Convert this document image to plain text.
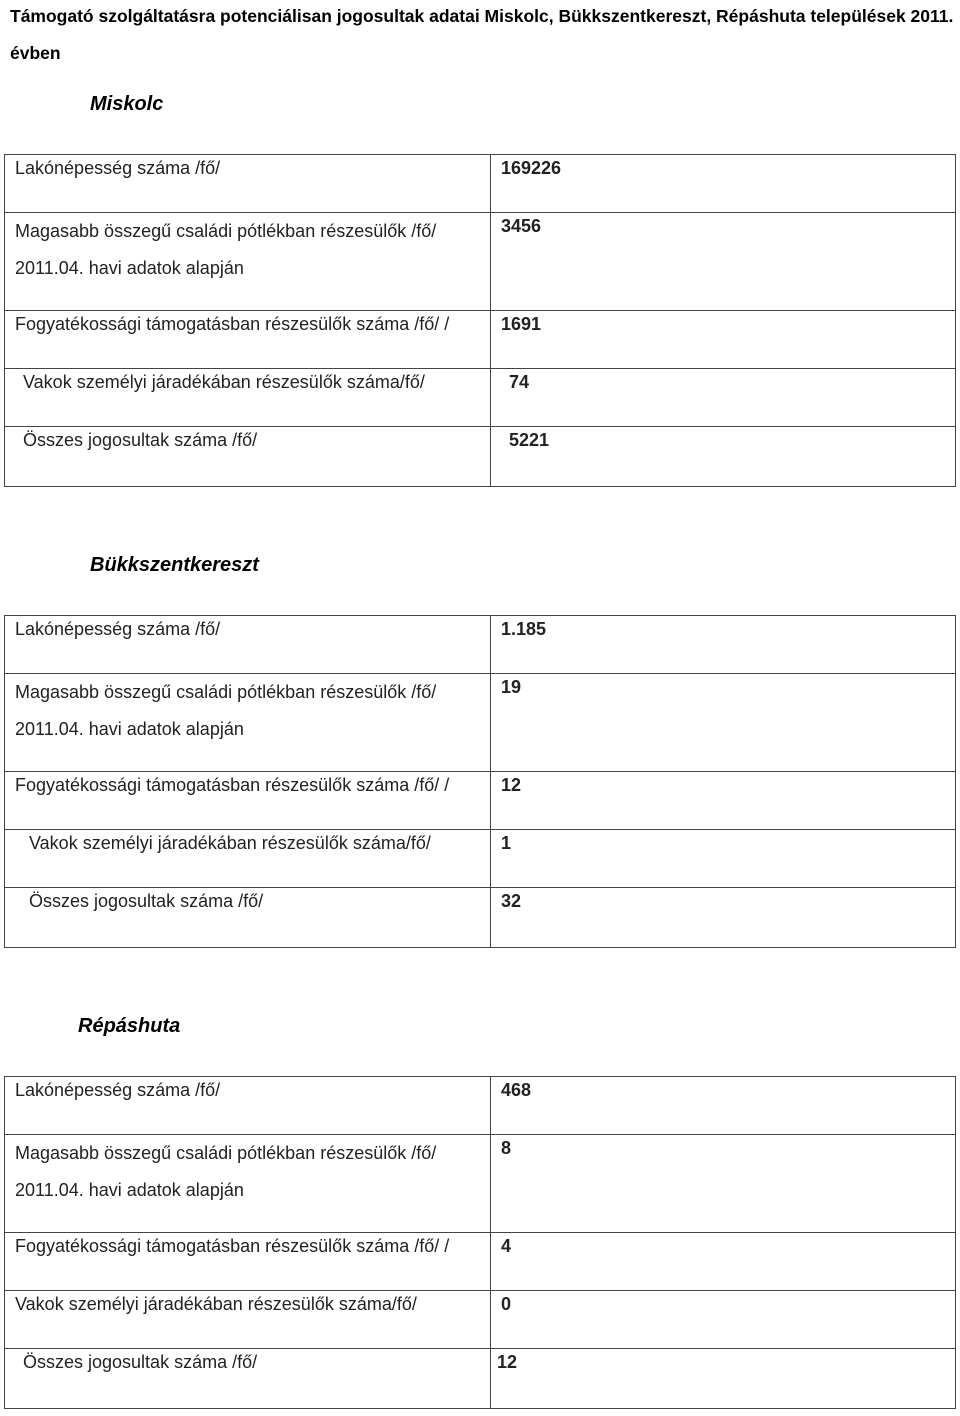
Támogató szolgáltatásra potenciálisan jogosultak adatai Miskolc, Bükkszentkereszt, Répáshuta települések 2011. évben
Miskolc
Lakónépesség száma /fő/	169226

Magasabb összegű családi pótlékban részesülők /fő/ 2011.04. havi adatok alapján	3456

Fogyatékossági támogatásban részesülők száma /fő/ /	1691

Vakok személyi járadékában részesülők száma/fő/	74
Összes jogosultak száma /fő/	5221
Bükkszentkereszt
Lakónépesség száma /fő/	1.185

Magasabb összegű családi pótlékban részesülők /fő/ 2011.04. havi adatok alapján	19

Fogyatékossági támogatásban részesülők száma /fő/ /	12

Vakok személyi járadékában részesülők száma/fő/	1

Összes jogosultak száma /fő/	32
Répáshuta
Lakónépesség száma /fő/	468

Magasabb összegű családi pótlékban részesülők /fő/ 2011.04. havi adatok alapján	8

Fogyatékossági támogatásban részesülők száma /fő/ /	4

Vakok személyi járadékában részesülők száma/fő/	0

Összes jogosultak száma /fő/	12
